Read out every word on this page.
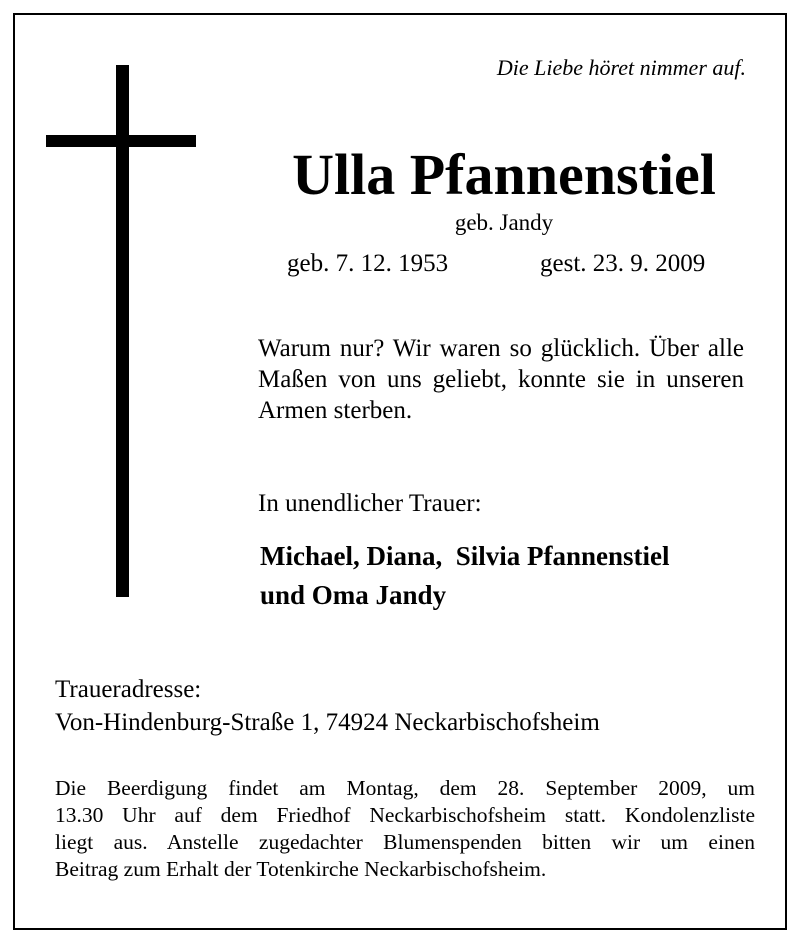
Die Liebe höret nimmer auf.
Ulla Pfannenstiel
geb. Jandy
geb. 7. 12. 1953	gest. 23. 9. 2009
Warum nur? Wir waren so glücklich. Über alle Maßen von uns geliebt, konnte sie in unseren Armen sterben.
In unendlicher Trauer:
Michael, Diana,  Silvia Pfannenstiel
und Oma Jandy
Traueradresse:
Von-Hindenburg-Straße 1, 74924 Neckarbischofsheim
Die Beerdigung findet am Montag, dem 28. September 2009, um
13.30 Uhr auf dem Friedhof Neckarbischofsheim statt. Kondolenzliste
liegt aus. Anstelle zugedachter Blumenspenden bitten wir um einen
Beitrag zum Erhalt der Totenkirche Neckarbischofsheim.
